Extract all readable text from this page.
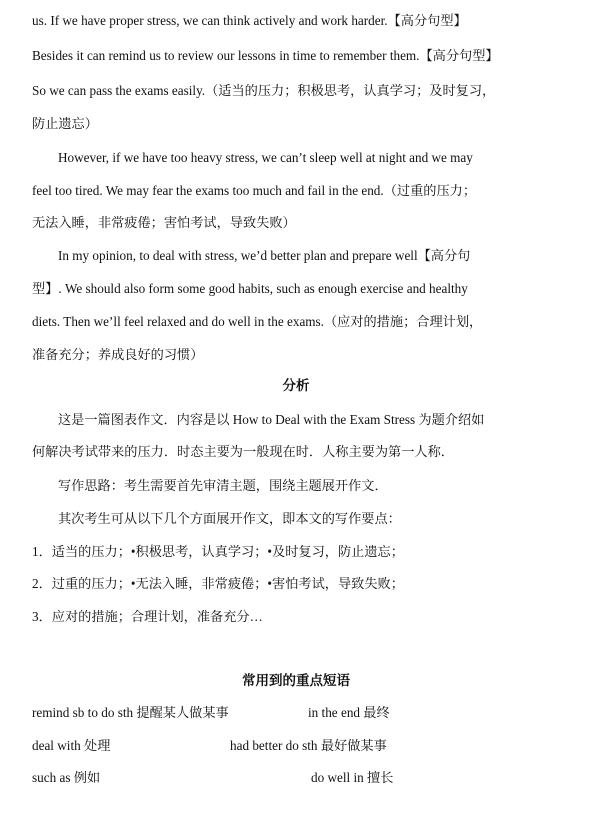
us. If we have proper stress, we can think actively and work harder.【高分句型】
Besides it can remind us to review our lessons in time to remember them.【高分句型】
So we can pass the exams easily.（适当的压力；积极思考，认真学习；及时复习，
防止遗忘）
However, if we have too heavy stress, we can’t sleep well at night and we may
feel too tired. We may fear the exams too much and fail in the end.（过重的压力；
无法入睡，非常疲倦；害怕考试，导致失败）
In my opinion, to deal with stress, we’d better plan and prepare well【高分句
型】. We should also form some good habits, such as enough exercise and healthy
diets. Then we’ll feel relaxed and do well in the exams.（应对的措施；合理计划，
准备充分；养成良好的习惯）
分析
这是一篇图表作文．内容是以 How to Deal with the Exam Stress 为题介绍如
何解决考试带来的压力．时态主要为一般现在时．人称主要为第一人称．
写作思路：考生需要首先审清主题，围绕主题展开作文．
其次考生可从以下几个方面展开作文，即本文的写作要点：
1．适当的压力；•积极思考，认真学习；•及时复习，防止遗忘；
2．过重的压力；•无法入睡，非常疲倦；•害怕考试，导致失败；
3．应对的措施；合理计划，准备充分…
常用到的重点短语
remind sb to do sth 提醒某人做某事	in the end 最终
deal with 处理	had better do sth 最好做某事
such as 例如	do well in 擅长
